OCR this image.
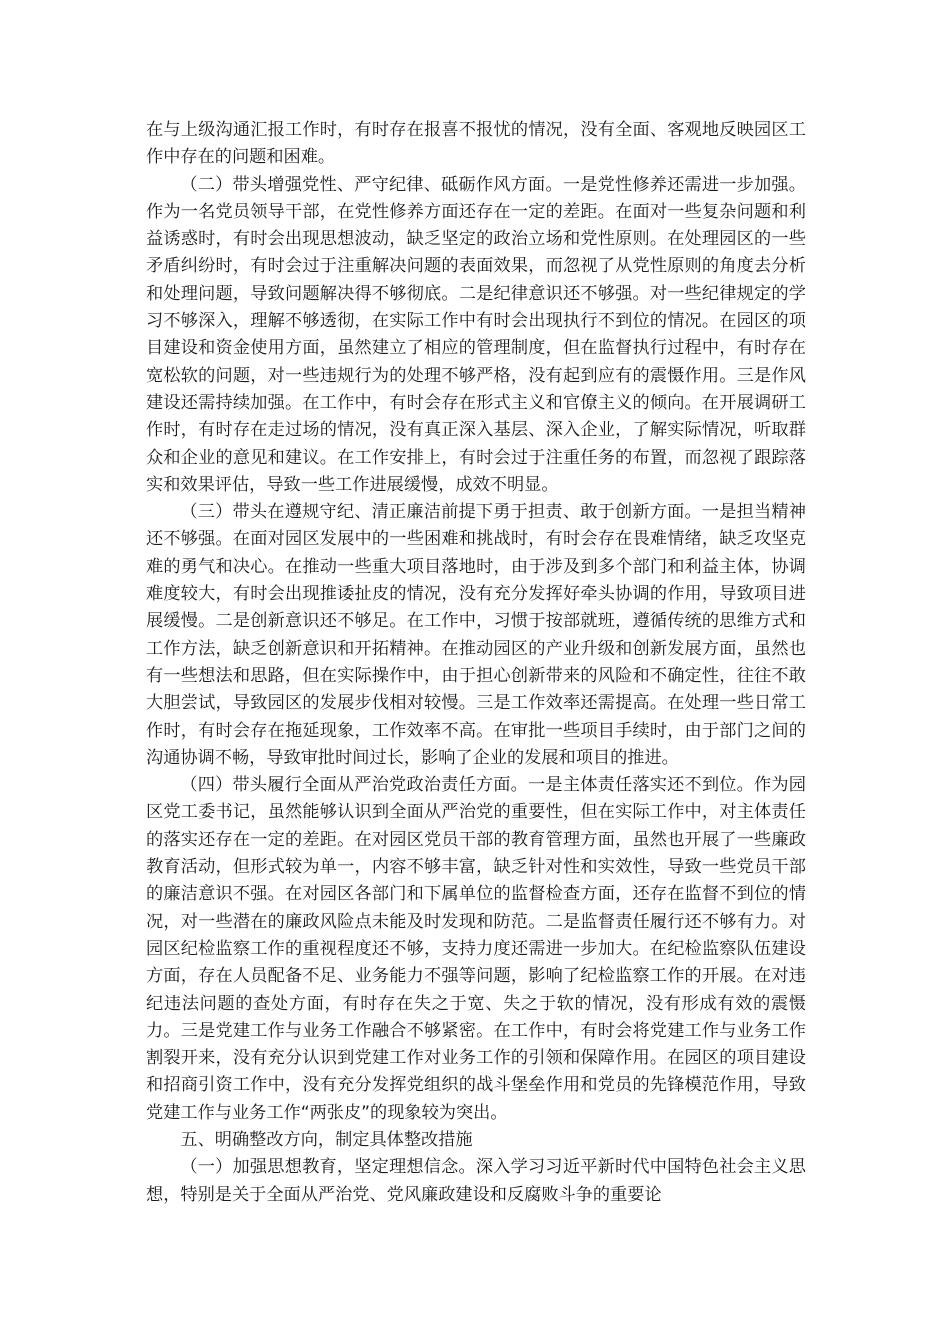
在与上级沟通汇报工作时，有时存在报喜不报忧的情况，没有全面、客观地反映园区工作中存在的问题和困难。

（二）带头增强党性、严守纪律、砥砺作风方面。一是党性修养还需进一步加强。作为一名党员领导干部，在党性修养方面还存在一定的差距。在面对一些复杂问题和利益诱惑时，有时会出现思想波动，缺乏坚定的政治立场和党性原则。在处理园区的一些矛盾纠纷时，有时会过于注重解决问题的表面效果，而忽视了从党性原则的角度去分析和处理问题，导致问题解决得不够彻底。二是纪律意识还不够强。对一些纪律规定的学习不够深入，理解不够透彻，在实际工作中有时会出现执行不到位的情况。在园区的项目建设和资金使用方面，虽然建立了相应的管理制度，但在监督执行过程中，有时存在宽松软的问题，对一些违规行为的处理不够严格，没有起到应有的震慑作用。三是作风建设还需持续加强。在工作中，有时会存在形式主义和官僚主义的倾向。在开展调研工作时，有时存在走过场的情况，没有真正深入基层、深入企业，了解实际情况，听取群众和企业的意见和建议。在工作安排上，有时会过于注重任务的布置，而忽视了跟踪落实和效果评估，导致一些工作进展缓慢，成效不明显。

（三）带头在遵规守纪、清正廉洁前提下勇于担责、敢于创新方面。一是担当精神还不够强。在面对园区发展中的一些困难和挑战时，有时会存在畏难情绪，缺乏攻坚克难的勇气和决心。在推动一些重大项目落地时，由于涉及到多个部门和利益主体，协调难度较大，有时会出现推诿扯皮的情况，没有充分发挥好牵头协调的作用，导致项目进展缓慢。二是创新意识还不够足。在工作中，习惯于按部就班，遵循传统的思维方式和工作方法，缺乏创新意识和开拓精神。在推动园区的产业升级和创新发展方面，虽然也有一些想法和思路，但在实际操作中，由于担心创新带来的风险和不确定性，往往不敢大胆尝试，导致园区的发展步伐相对较慢。三是工作效率还需提高。在处理一些日常工作时，有时会存在拖延现象，工作效率不高。在审批一些项目手续时，由于部门之间的沟通协调不畅，导致审批时间过长，影响了企业的发展和项目的推进。

（四）带头履行全面从严治党政治责任方面。一是主体责任落实还不到位。作为园区党工委书记，虽然能够认识到全面从严治党的重要性，但在实际工作中，对主体责任的落实还存在一定的差距。在对园区党员干部的教育管理方面，虽然也开展了一些廉政教育活动，但形式较为单一，内容不够丰富，缺乏针对性和实效性，导致一些党员干部的廉洁意识不强。在对园区各部门和下属单位的监督检查方面，还存在监督不到位的情况，对一些潜在的廉政风险点未能及时发现和防范。二是监督责任履行还不够有力。对园区纪检监察工作的重视程度还不够，支持力度还需进一步加大。在纪检监察队伍建设方面，存在人员配备不足、业务能力不强等问题，影响了纪检监察工作的开展。在对违纪违法问题的查处方面，有时存在失之于宽、失之于软的情况，没有形成有效的震慑力。三是党建工作与业务工作融合不够紧密。在工作中，有时会将党建工作与业务工作割裂开来，没有充分认识到党建工作对业务工作的引领和保障作用。在园区的项目建设和招商引资工作中，没有充分发挥党组织的战斗堡垒作用和党员的先锋模范作用，导致党建工作与业务工作“两张皮”的现象较为突出。

五、明确整改方向，制定具体整改措施

（一）加强思想教育，坚定理想信念。深入学习习近平新时代中国特色社会主义思想，特别是关于全面从严治党、党风廉政建设和反腐败斗争的重要论
